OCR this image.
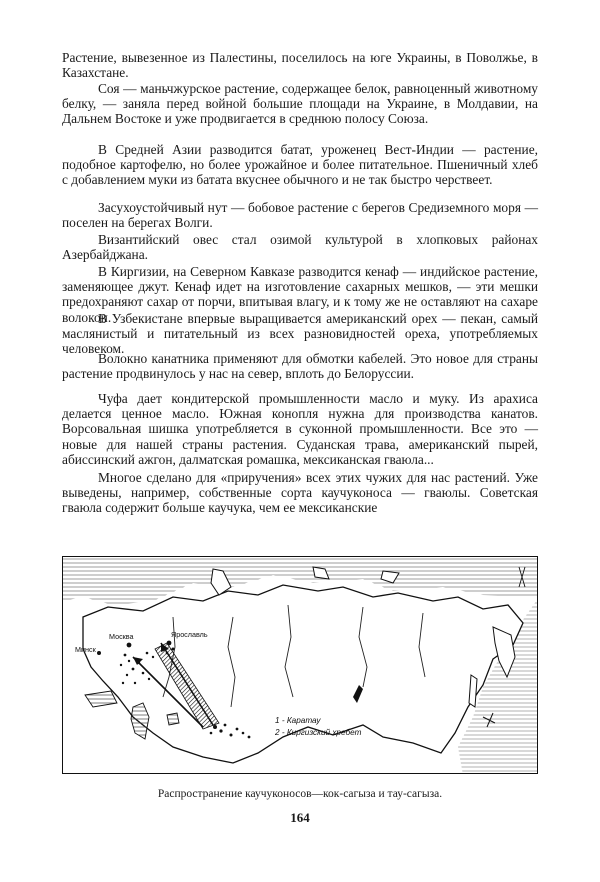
Растение, вывезенное из Палестины, поселилось на юге Украины, в Поволжье, в Казахстане.

Соя — маньчжурское растение, содержащее белок, равноценный животному белку, — заняла перед войной большие площади на Украине, в Молдавии, на Дальнем Востоке и уже продвигается в среднюю полосу Союза.

В Средней Азии разводится батат, уроженец Вест-Индии — растение, подобное картофелю, но более урожайное и более питательное. Пшеничный хлеб с добавлением муки из батата вкуснее обычного и не так быстро черствеет.

Засухоустойчивый нут — бобовое растение с берегов Средиземного моря — поселен на берегах Волги.

Византийский овес стал озимой культурой в хлопковых районах Азербайджана.

В Киргизии, на Северном Кавказе разводится кенаф — индийское растение, заменяющее джут. Кенаф идет на изготовление сахарных мешков, — эти мешки предохраняют сахар от порчи, впитывая влагу, и к тому же не оставляют на сахаре волокон.

В Узбекистане впервые выращивается американский орех — пекан, самый маслянистый и питательный из всех разновидностей ореха, употребляемых человеком.

Волокно канатника применяют для обмотки кабелей. Это новое для страны растение продвинулось у нас на север, вплоть до Белоруссии.

Чуфа дает кондитерской промышленности масло и муку. Из арахиса делается ценное масло. Южная конопля нужна для производства канатов. Ворсовальная шишка употребляется в суконной промышленности. Все это — новые для нашей страны растения. Суданская трава, американский пырей, абиссинский ажгон, далматская ромашка, мексиканская гваюла...

Многое сделано для «приручения» всех этих чужих для нас растений. Уже выведены, например, собственные сорта каучуконоса — гваюлы. Советская гваюла содержит больше каучука, чем ее мексиканские

Москва	Ярославль
Минск
1 - Каратау
2 - Киргизский хребет

Распространение каучуконосов—кок-сагыза и тау-сагыза.

164
